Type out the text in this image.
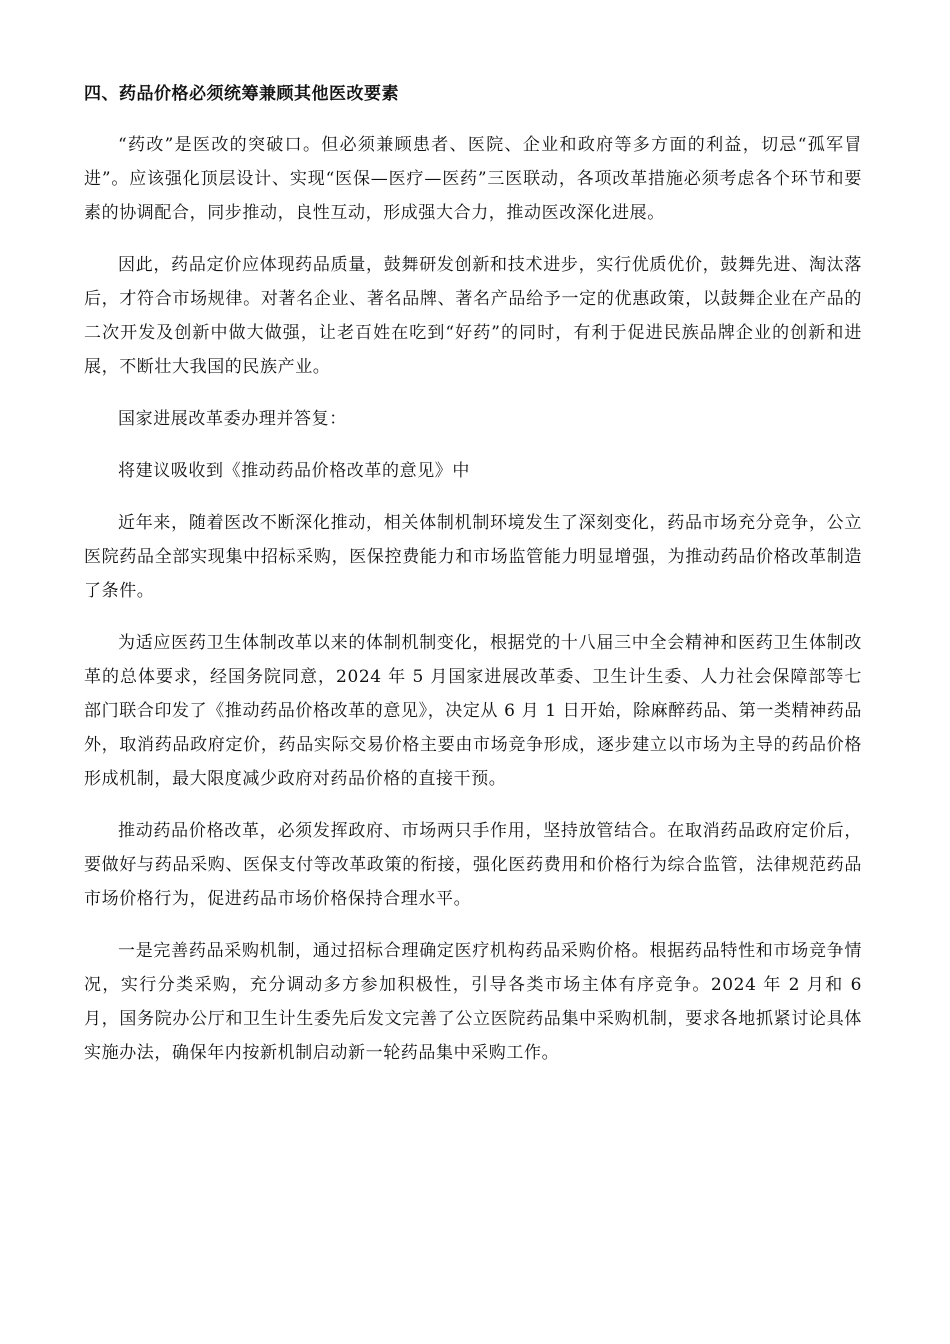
四、药品价格必须统筹兼顾其他医改要素

“药改”是医改的突破口。但必须兼顾患者、医院、企业和政府等多方面的利益，切忌“孤军冒进”。应该强化顶层设计、实现“医保—医疗—医药”三医联动，各项改革措施必须考虑各个环节和要素的协调配合，同步推动，良性互动，形成强大合力，推动医改深化进展。

因此，药品定价应体现药品质量，鼓舞研发创新和技术进步，实行优质优价，鼓舞先进、淘汰落后，才符合市场规律。对著名企业、著名品牌、著名产品给予一定的优惠政策，以鼓舞企业在产品的二次开发及创新中做大做强，让老百姓在吃到“好药”的同时，有利于促进民族品牌企业的创新和进展，不断壮大我国的民族产业。

国家进展改革委办理并答复：

将建议吸收到《推动药品价格改革的意见》中

近年来，随着医改不断深化推动，相关体制机制环境发生了深刻变化，药品市场充分竞争，公立医院药品全部实现集中招标采购，医保控费能力和市场监管能力明显增强，为推动药品价格改革制造了条件。

为适应医药卫生体制改革以来的体制机制变化，根据党的十八届三中全会精神和医药卫生体制改革的总体要求，经国务院同意，2024 年 5 月国家进展改革委、卫生计生委、人力社会保障部等七部门联合印发了《推动药品价格改革的意见》，决定从 6 月 1 日开始，除麻醉药品、第一类精神药品外，取消药品政府定价，药品实际交易价格主要由市场竞争形成，逐步建立以市场为主导的药品价格形成机制，最大限度减少政府对药品价格的直接干预。

推动药品价格改革，必须发挥政府、市场两只手作用，坚持放管结合。在取消药品政府定价后，要做好与药品采购、医保支付等改革政策的衔接，强化医药费用和价格行为综合监管，法律规范药品市场价格行为，促进药品市场价格保持合理水平。

一是完善药品采购机制，通过招标合理确定医疗机构药品采购价格。根据药品特性和市场竞争情况，实行分类采购，充分调动多方参加积极性，引导各类市场主体有序竞争。2024 年 2 月和 6 月，国务院办公厅和卫生计生委先后发文完善了公立医院药品集中采购机制，要求各地抓紧讨论具体实施办法，确保年内按新机制启动新一轮药品集中采购工作。
